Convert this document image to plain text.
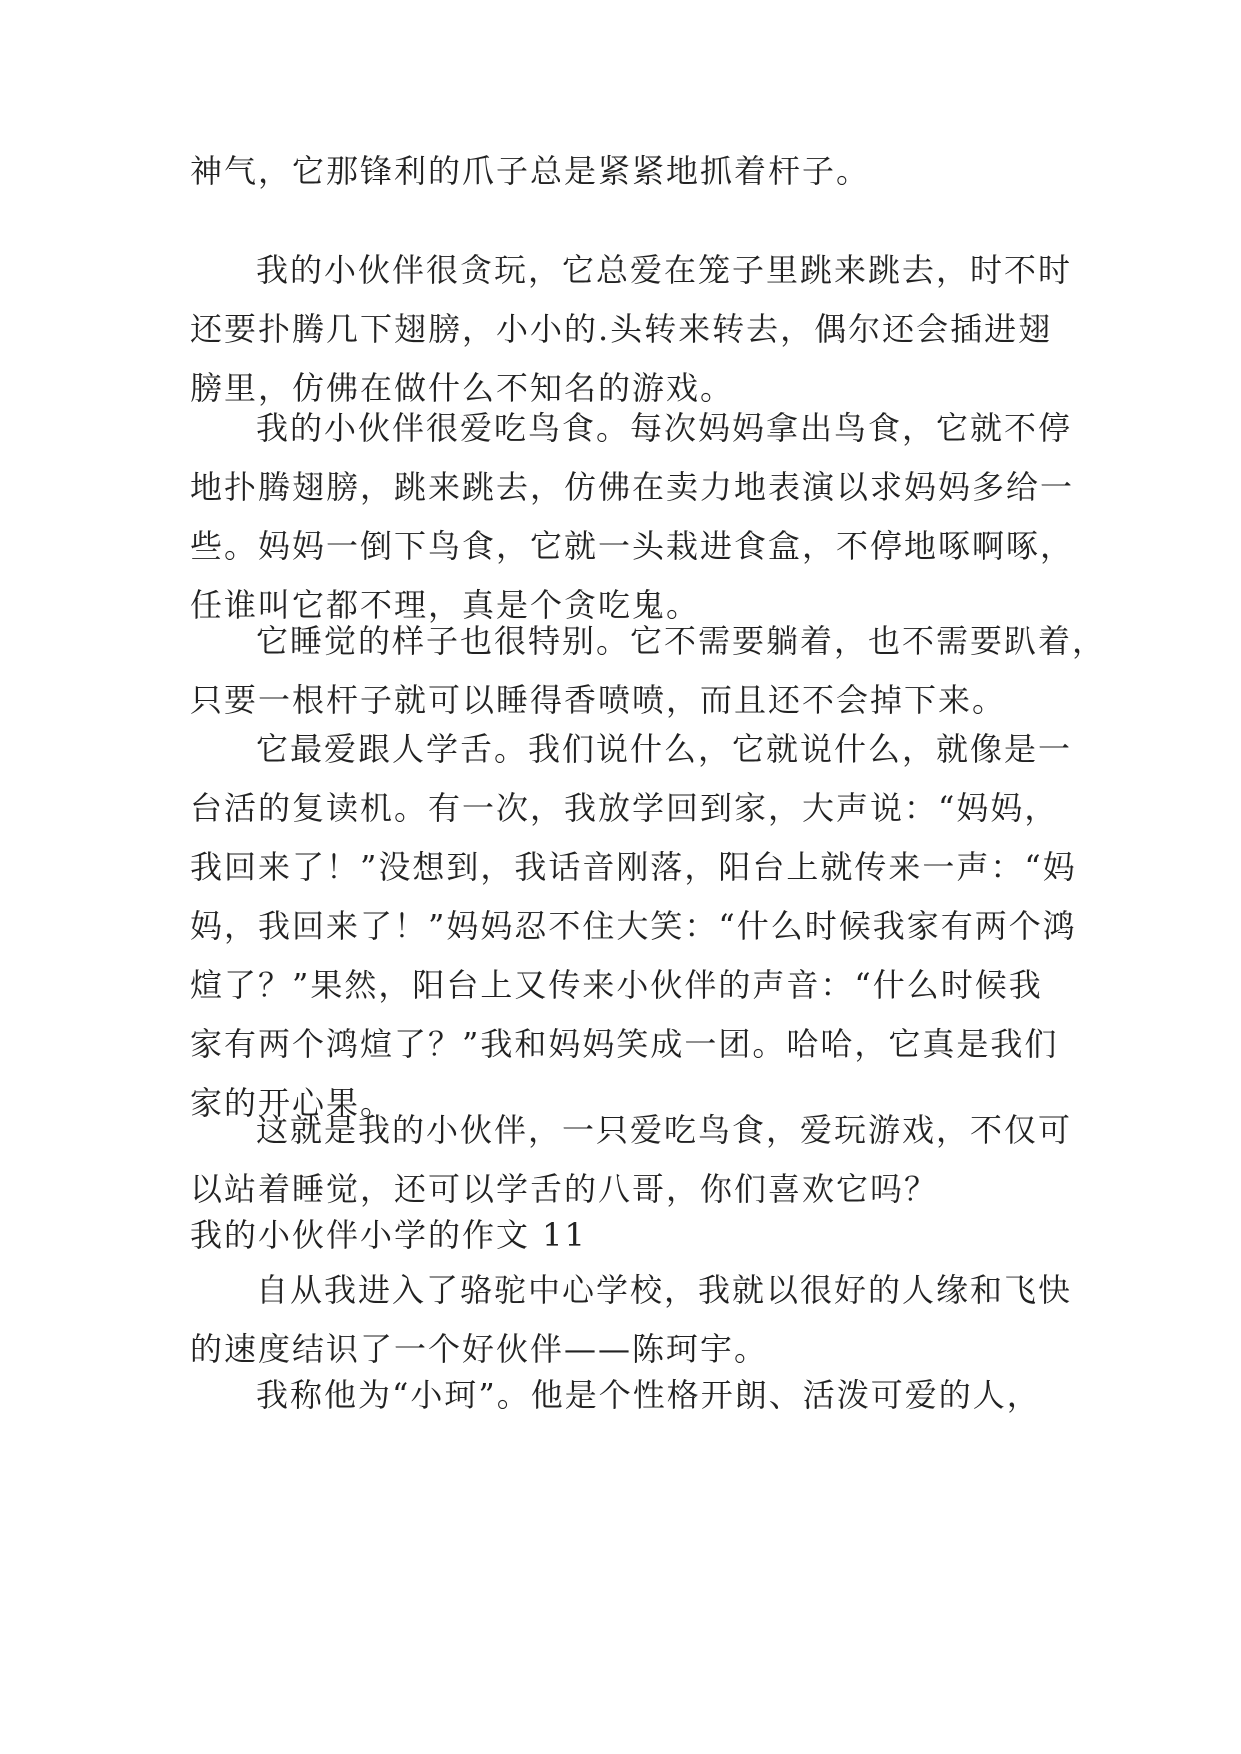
神气，它那锋利的爪子总是紧紧地抓着杆子。

我的小伙伴很贪玩，它总爱在笼子里跳来跳去，时不时
还要扑腾几下翅膀，小小的.头转来转去，偶尔还会插进翅
膀里，仿佛在做什么不知名的游戏。

我的小伙伴很爱吃鸟食。每次妈妈拿出鸟食，它就不停
地扑腾翅膀，跳来跳去，仿佛在卖力地表演以求妈妈多给一
些。妈妈一倒下鸟食，它就一头栽进食盒，不停地啄啊啄，
任谁叫它都不理，真是个贪吃鬼。

它睡觉的样子也很特别。它不需要躺着，也不需要趴着，
只要一根杆子就可以睡得香喷喷，而且还不会掉下来。

它最爱跟人学舌。我们说什么，它就说什么，就像是一
台活的复读机。有一次，我放学回到家，大声说：“妈妈，
我回来了！”没想到，我话音刚落，阳台上就传来一声：“妈
妈，我回来了！”妈妈忍不住大笑：“什么时候我家有两个鸿
煊了？”果然，阳台上又传来小伙伴的声音：“什么时候我
家有两个鸿煊了？”我和妈妈笑成一团。哈哈，它真是我们
家的开心果。

这就是我的小伙伴，一只爱吃鸟食，爱玩游戏，不仅可
以站着睡觉，还可以学舌的八哥，你们喜欢它吗？

我的小伙伴小学的作文 11

自从我进入了骆驼中心学校，我就以很好的人缘和飞快
的速度结识了一个好伙伴——陈珂宇。

我称他为“小珂”。他是个性格开朗、活泼可爱的人，
